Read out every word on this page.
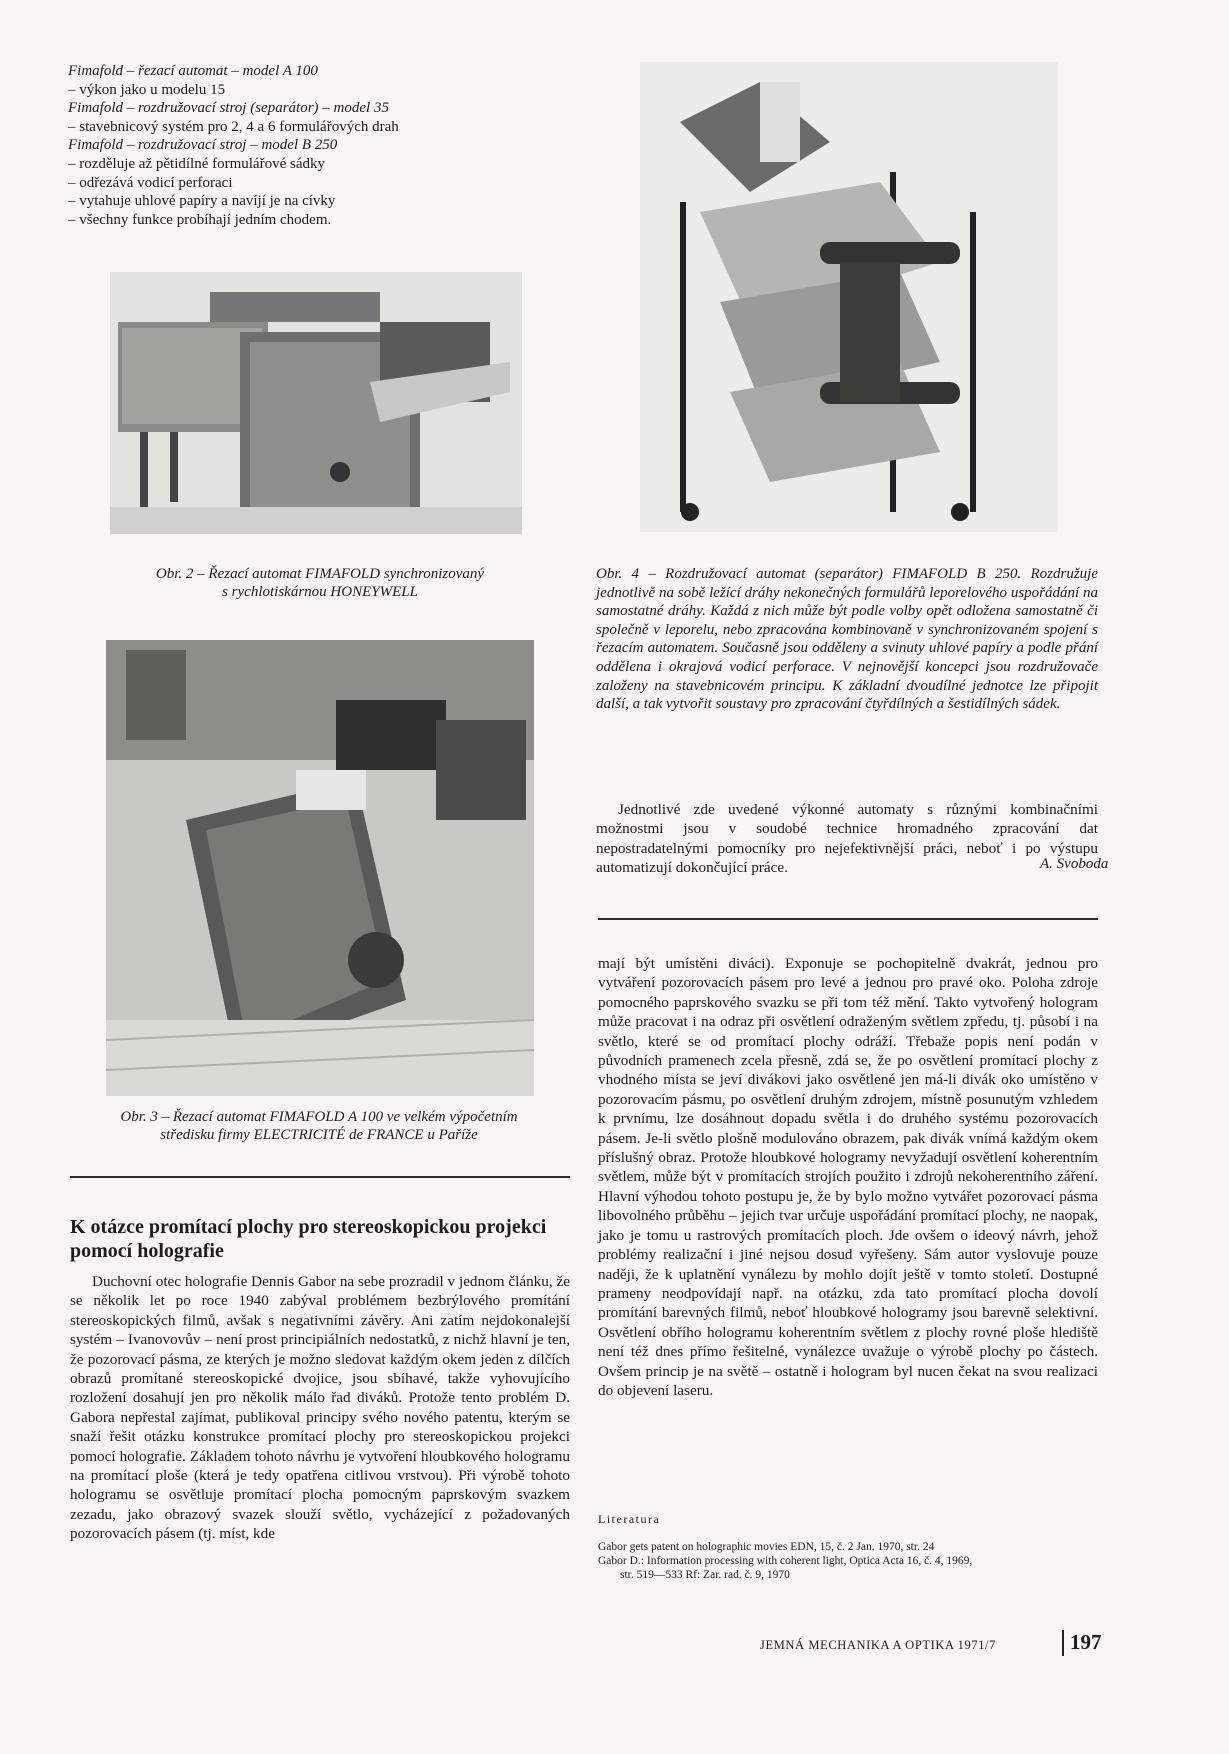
Fimafold – řezací automat – model A 100
– výkon jako u modelu 15
Fimafold – rozdružovací stroj (separátor) – model 35
– stavebnicový systém pro 2, 4 a 6 formulářových drah
Fimafold – rozdružovací stroj – model B 250
– rozděluje až pětidílné formulářové sádky
– odřezává vodicí perforaci
– vytahuje uhlové papíry a navíjí je na cívky
– všechny funkce probíhají jedním chodem.
Obr. 2 – Řezací automat FIMAFOLD synchronizovaný
s rychlotiskárnou HONEYWELL
Obr. 4 – Rozdružovací automat (separátor) FIMAFOLD B 250. Rozdružuje jednotlivě na sobě ležící dráhy nekonečných formulářů leporelového uspořádání na samostatné dráhy. Každá z nich může být podle volby opět odložena samostatně či společně v leporelu, nebo zpracována kombinovaně v synchronizovaném spojení s řezacím automatem. Současně jsou odděleny a svinuty uhlové papíry a podle přání oddělena i okrajová vodicí perforace. V nejnovější koncepci jsou rozdružovače založeny na stavebnicovém principu. K základní dvoudílné jednotce lze připojit další, a tak vytvořit soustavy pro zpracování čtyřdílných a šestidílných sádek.
Jednotlivé zde uvedené výkonné automaty s různými kombinačními možnostmi jsou v soudobé technice hromadného zpracování dat nepostradatelnými pomocníky pro nejefektivnější práci, neboť i po výstupu automatizují dokončující práce.	A. Svoboda
Obr. 3 – Řezací automat FIMAFOLD A 100 ve velkém výpočetním
středisku firmy ELECTRICITÉ de FRANCE u Paříže
K otázce promítací plochy pro stereoskopickou projekci pomocí holografie
Duchovní otec holografie Dennis Gabor na sebe prozradil v jednom článku, že se několik let po roce 1940 zabýval problémem bezbrýlového promítání stereoskopických filmů, avšak s negativními závěry. Ani zatím nejdokonalejší systém – Ivanovovův – není prost principiálních nedostatků, z nichž hlavní je ten, že pozorovací pásma, ze kterých je možno sledovat každým okem jeden z dílčích obrazů promítané stereoskopické dvojice, jsou sbíhavé, takže vyhovujícího rozložení dosahují jen pro několik málo řad diváků. Protože tento problém D. Gabora nepřestal zajímat, publikoval principy svého nového patentu, kterým se snaží řešit otázku konstrukce promítací plochy pro stereoskopickou projekci pomocí holografie. Základem tohoto návrhu je vytvoření hloubkového hologramu na promítací ploše (která je tedy opatřena citlivou vrstvou). Při výrobě tohoto hologramu se osvětluje promítací plocha pomocným paprskovým svazkem zezadu, jako obrazový svazek slouží světlo, vycházející z požadovaných pozorovacích pásem (tj. míst, kde
mají být umístěni diváci). Exponuje se pochopitelně dvakrát, jednou pro vytváření pozorovacích pásem pro levé a jednou pro pravé oko. Poloha zdroje pomocného paprskového svazku se při tom též mění. Takto vytvořený hologram může pracovat i na odraz při osvětlení odraženým světlem zpředu, tj. působí i na světlo, které se od promítací plochy odráží. Třebaže popis není podán v původních pramenech zcela přesně, zdá se, že po osvětlení promítací plochy z vhodného místa se jeví divákovi jako osvětlené jen má-li divák oko umístěno v pozorovacím pásmu, po osvětlení druhým zdrojem, místně posunutým vzhledem k prvnímu, lze dosáhnout dopadu světla i do druhého systému pozorovacích pásem. Je-li světlo plošně modulováno obrazem, pak divák vnímá každým okem příslušný obraz. Protože hloubkové hologramy nevyžadují osvětlení koherentním světlem, může být v promítacích strojích použito i zdrojů nekoherentního záření. Hlavní výhodou tohoto postupu je, že by bylo možno vytvářet pozorovací pásma libovolného průběhu – jejich tvar určuje uspořádání promítací plochy, ne naopak, jako je tomu u rastrových promítacích ploch. Jde ovšem o ideový návrh, jehož problémy realizační i jiné nejsou dosud vyřešeny. Sám autor vyslovuje pouze naději, že k uplatnění vynálezu by mohlo dojít ještě v tomto století. Dostupné prameny neodpovídají např. na otázku, zda tato promítací plocha dovolí promítání barevných filmů, neboť hloubkové hologramy jsou barevně selektivní. Osvětlení obřího hologramu koherentním světlem z plochy rovné ploše hlediště není též dnes přímo řešitelné, vynálezce uvažuje o výrobě plochy po částech. Ovšem princip je na světě – ostatně i hologram byl nucen čekat na svou realizaci do objevení laseru.
Literatura
Gabor gets patent on holographic movies EDN, 15, č. 2 Jan. 1970, str. 24
Gabor D.: Information processing with coherent light, Optica Acta 16, č. 4, 1969,
str. 519—533 Rf: Zar. rad. č. 9, 1970
JEMNÁ MECHANIKA A OPTIKA 1971/7	197
